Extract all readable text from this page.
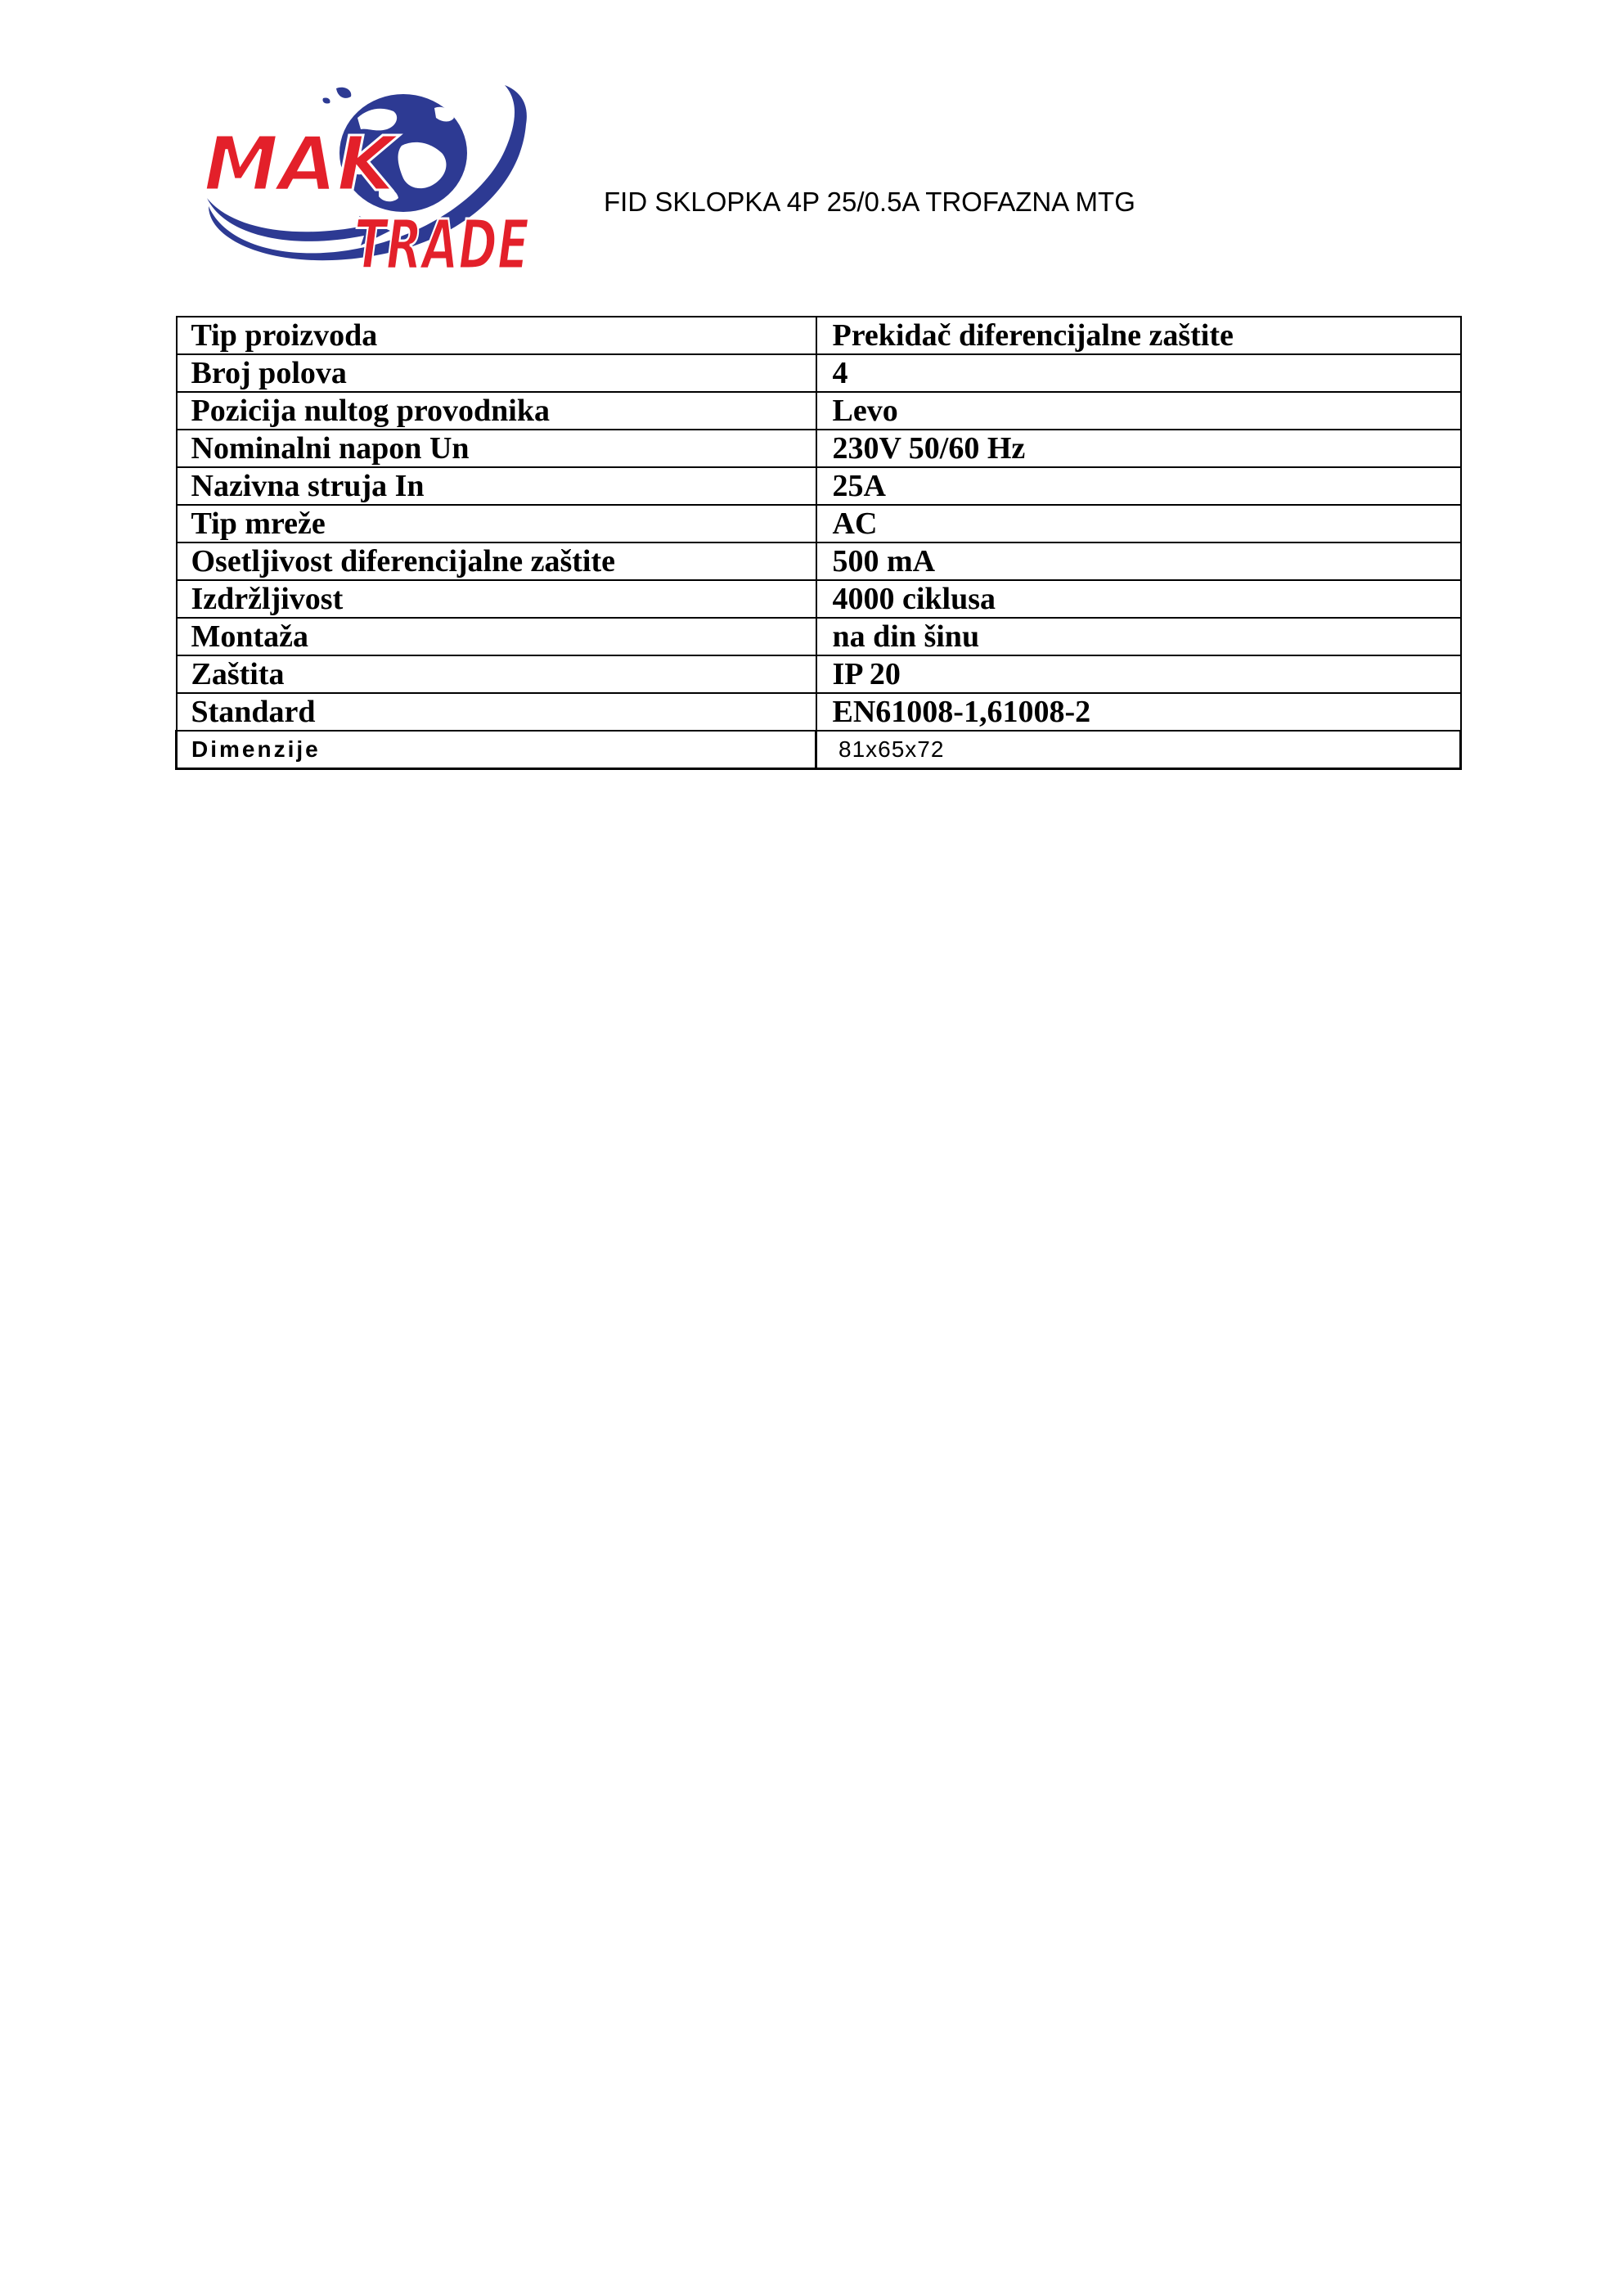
MAK
TRADE
FID SKLOPKA 4P 25/0.5A TROFAZNA MTG
Tip proizvoda	Prekidač diferencijalne zaštite
Broj polova	4
Pozicija nultog provodnika	Levo
Nominalni napon Un	230V 50/60 Hz
Nazivna struja In	25A
Tip mreže	AC
Osetljivost diferencijalne zaštite	500 mA
Izdržljivost	4000 ciklusa
Montaža	na din šinu
Zaštita	IP 20
Standard	EN61008-1,61008-2
Dimenzije	81x65x72
